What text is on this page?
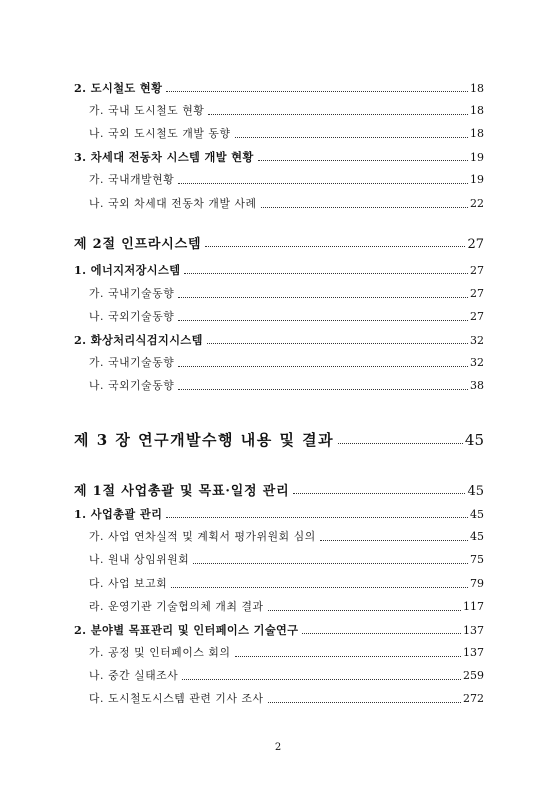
2. 도시철도 현황	18
가. 국내 도시철도 현황	18
나. 국외 도시철도 개발 동향	18
3. 차세대 전동차 시스템 개발 현황	19
가. 국내개발현황	19
나. 국외 차세대 전동차 개발 사례	22
제 2절 인프라시스템	27
1. 에너지저장시스템	27
가. 국내기술동향	27
나. 국외기술동향	27
2. 화상처리식검지시스템	32
가. 국내기술동향	32
나. 국외기술동향	38
제 3 장 연구개발수행 내용 및 결과	45
제 1절 사업총괄 및 목표·일정 관리	45
1. 사업총괄 관리	45
가. 사업 연차실적 및 계획서 평가위원회 심의	45
나. 원내 상임위원회	75
다. 사업 보고회	79
라. 운영기관 기술협의체 개최 결과	117
2. 분야별 목표관리 및 인터페이스 기술연구	137
가. 공정 및 인터페이스 회의	137
나. 중간 실태조사	259
다. 도시철도시스템 관련 기사 조사	272
2
